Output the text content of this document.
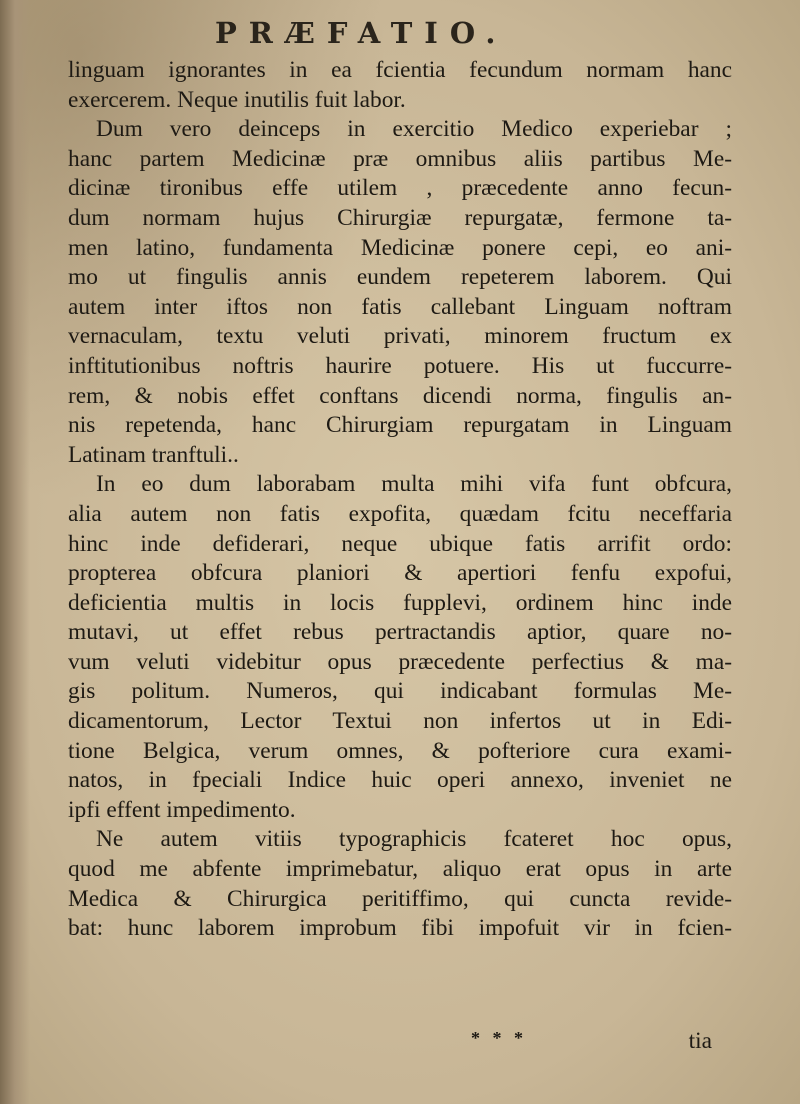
PRÆFATIO.
linguam ignorantes in ea fcientia fecundum normam hanc
exercerem. Neque inutilis fuit labor.
Dum vero deinceps in exercitio Medico experiebar ;
hanc partem Medicinæ præ omnibus aliis partibus Me-
dicinæ tironibus effe utilem , præcedente anno fecun-
dum normam hujus Chirurgiæ repurgatæ, fermone ta-
men latino, fundamenta Medicinæ ponere cepi, eo ani-
mo ut fingulis annis eundem repeterem laborem. Qui
autem inter iftos non fatis callebant Linguam noftram
vernaculam, textu veluti privati, minorem fructum ex
inftitutionibus noftris haurire potuere. His ut fuccurre-
rem, & nobis effet conftans dicendi norma, fingulis an-
nis repetenda, hanc Chirurgiam repurgatam in Linguam
Latinam tranftuli..
In eo dum laborabam multa mihi vifa funt obfcura,
alia autem non fatis expofita, quædam fcitu neceffaria
hinc inde defiderari, neque ubique fatis arrifit ordo:
propterea obfcura planiori & apertiori fenfu expofui,
deficientia multis in locis fupplevi, ordinem hinc inde
mutavi, ut effet rebus pertractandis aptior, quare no-
vum veluti videbitur opus præcedente perfectius & ma-
gis politum. Numeros, qui indicabant formulas Me-
dicamentorum, Lector Textui non infertos ut in Edi-
tione Belgica, verum omnes, & pofteriore cura exami-
natos, in fpeciali Indice huic operi annexo, inveniet ne
ipfi effent impedimento.
Ne autem vitiis typographicis fcateret hoc opus,
quod me abfente imprimebatur, aliquo erat opus in arte
Medica & Chirurgica peritiffimo, qui cuncta revide-
bat: hunc laborem improbum fibi impofuit vir in fcien-
* * *	tia
